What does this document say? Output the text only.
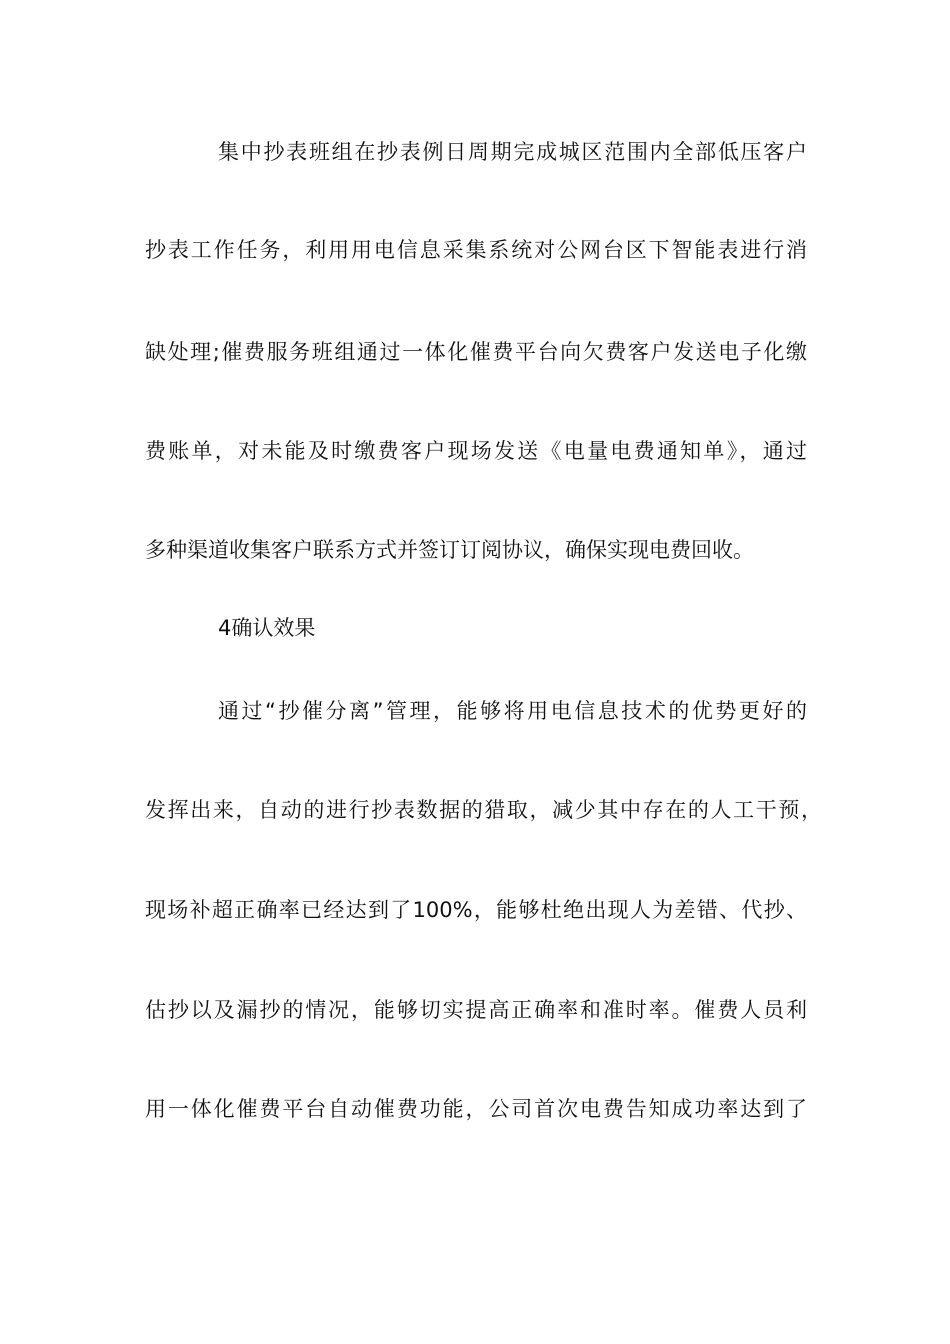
集中抄表班组在抄表例日周期完成城区范围内全部低压客户
抄表工作任务，利用用电信息采集系统对公网台区下智能表进行消
缺处理;催费服务班组通过一体化催费平台向欠费客户发送电子化缴
费账单，对未能及时缴费客户现场发送《电量电费通知单》，通过
多种渠道收集客户联系方式并签订订阅协议，确保实现电费回收。
4确认效果
通过“抄催分离”管理，能够将用电信息技术的优势更好的
发挥出来，自动的进行抄表数据的猎取，减少其中存在的人工干预，
现场补超正确率已经达到了100%，能够杜绝出现人为差错、代抄、
估抄以及漏抄的情况，能够切实提高正确率和准时率。催费人员利
用一体化催费平台自动催费功能，公司首次电费告知成功率达到了
